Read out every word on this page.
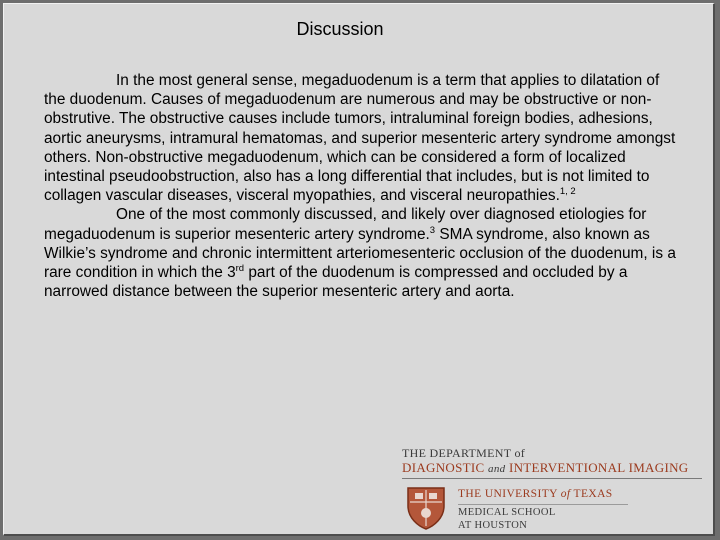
Discussion

In the most general sense, megaduodenum is a term that applies to dilatation of the duodenum. Causes of megaduodenum are numerous and may be obstructive or non-obstrutive. The obstructive causes include tumors, intraluminal foreign bodies, adhesions, aortic aneurysms, intramural hematomas, and superior mesenteric artery syndrome amongst others. Non-obstructive megaduodenum, which can be considered a form of localized intestinal pseudoobstruction, also has a long differential that includes, but is not limited to collagen vascular diseases, visceral myopathies, and visceral neuropathies.$^{1, 2}$

One of the most commonly discussed, and likely over diagnosed etiologies for megaduodenum is superior mesenteric artery syndrome.$^3$ SMA syndrome, also known as Wilkie’s syndrome and chronic intermittent arteriomesenteric occlusion of the duodenum, is a rare condition in which the 3rd part of the duodenum is compressed and occluded by a narrowed distance between the superior mesenteric artery and aorta.

THE DEPARTMENT of
DIAGNOSTIC and INTERVENTIONAL IMAGING
THE UNIVERSITY of TEXAS
MEDICAL SCHOOL
AT HOUSTON
